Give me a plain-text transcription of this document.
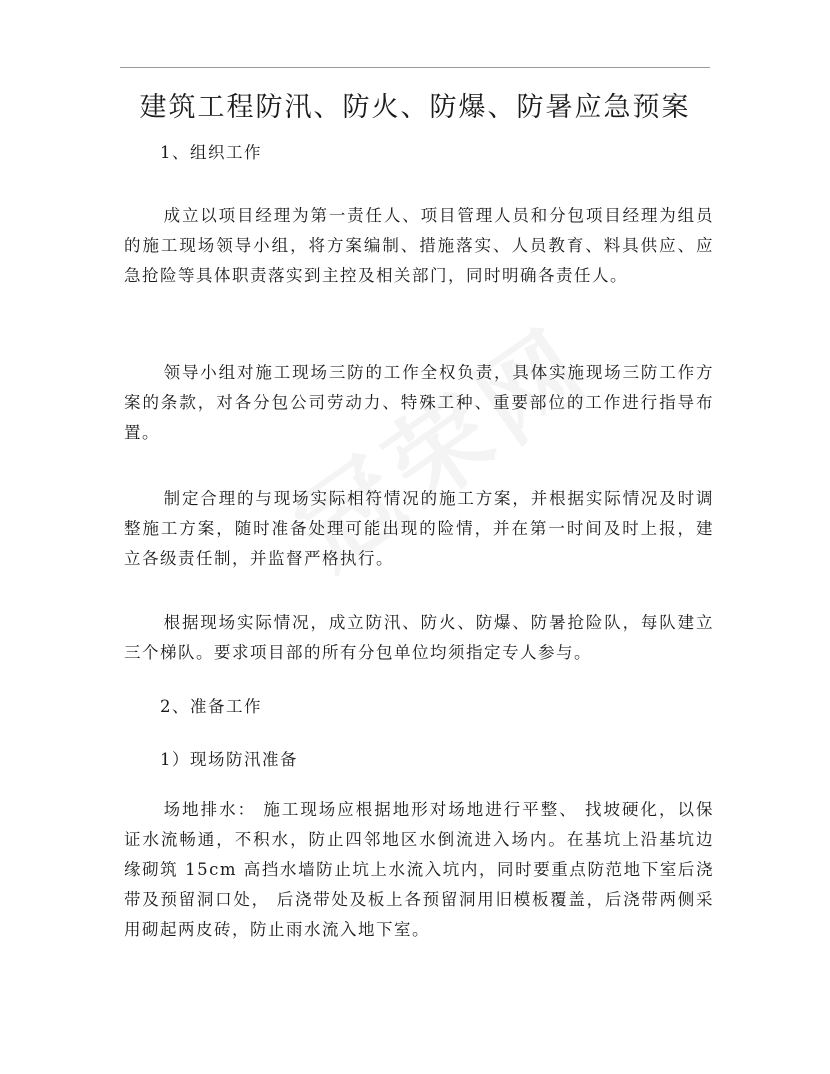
建筑工程防汛、防火、防爆、防暑应急预案

1、组织工作

成立以项目经理为第一责任人、项目管理人员和分包项目经理为组员的施工现场领导小组，将方案编制、措施落实、人员教育、料具供应、应急抢险等具体职责落实到主控及相关部门，同时明确各责任人。

领导小组对施工现场三防的工作全权负责，具体实施现场三防工作方案的条款，对各分包公司劳动力、特殊工种、重要部位的工作进行指导布置。

制定合理的与现场实际相符情况的施工方案，并根据实际情况及时调整施工方案，随时准备处理可能出现的险情，并在第一时间及时上报，建立各级责任制，并监督严格执行。

根据现场实际情况，成立防汛、防火、防爆、防暑抢险队，每队建立三个梯队。要求项目部的所有分包单位均须指定专人参与。

2、准备工作

1）现场防汛准备

场地排水： 施工现场应根据地形对场地进行平整、 找坡硬化，以保证水流畅通，不积水，防止四邻地区水倒流进入场内。在基坑上沿基坑边缘砌筑 15cm 高挡水墙防止坑上水流入坑内，同时要重点防范地下室后浇带及预留洞口处， 后浇带处及板上各预留洞用旧模板覆盖，后浇带两侧采用砌起两皮砖，防止雨水流入地下室。
